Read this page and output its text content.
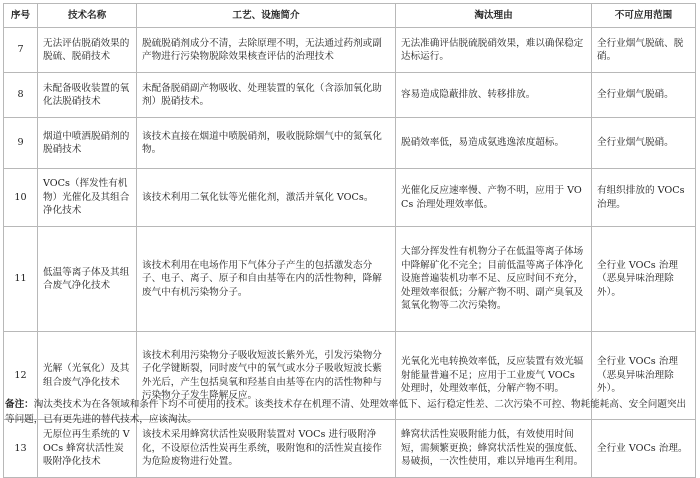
序号	技术名称	工艺、设施简介	淘汰理由	不可应用范围
7	无法评估脱硝效果的脱硫、脱硝技术	脱硫脱硝剂成分不清，去除原理不明，无法通过药剂或副产物进行污染物脱除效果核查评估的治理技术	无法准确评估脱硫脱硝效果，难以确保稳定达标运行。	全行业烟气脱硫、脱硝。
8	未配备吸收装置的氧化法脱硝技术	未配备脱硝副产物吸收、处理装置的氧化（含添加氧化助剂）脱硝技术。	容易造成隐蔽排放、转移排放。	全行业烟气脱硝。
9	烟道中喷洒脱硝剂的脱硝技术	该技术直接在烟道中喷脱硝剂，吸收脱除烟气中的氮氧化物。	脱硝效率低，易造成氨逃逸浓度超标。	全行业烟气脱硝。
10	VOCs（挥发性有机物）光催化及其组合净化技术	该技术利用二氧化钛等光催化剂，激活并氧化 VOCs。	光催化反应速率慢、产物不明，应用于 VOCs 治理处理效率低。	有组织排放的 VOCs 治理。
11	低温等离子体及其组合废气净化技术	该技术利用在电场作用下气体分子产生的包括激发态分子、电子、离子、原子和自由基等在内的活性物种，降解废气中有机污染物分子。	大部分挥发性有机物分子在低温等离子体场中降解矿化不完全；目前低温等离子体净化设施普遍装机功率不足、反应时间不充分，处理效率很低；分解产物不明、副产臭氧及氮氧化物等二次污染物。	全行业 VOCs 治理（恶臭异味治理除外）。
12	光解（光氧化）及其组合废气净化技术	该技术利用污染物分子吸收短波长紫外光，引发污染物分子化学键断裂，同时废气中的氧气或水分子吸收短波长紫外光后，产生包括臭氧和羟基自由基等在内的活性物种与污染物分子发生降解反应。	光氧化光电转换效率低，反应装置有效光辐射能量普遍不足；应用于工业废气 VOCs 处理时，处理效率低，分解产物不明。	全行业 VOCs 治理（恶臭异味治理除外）。
13	无原位再生系统的 VOCs 蜂窝状活性炭吸附净化技术	该技术采用蜂窝状活性炭吸附装置对 VOCs 进行吸附净化，不设原位活性炭再生系统，吸附饱和的活性炭直接作为危险废物进行处置。	蜂窝状活性炭吸附能力低，有效使用时间短，需频繁更换；蜂窝状活性炭的强度低、易破损，一次性使用，难以异地再生利用。	全行业 VOCs 治理。
备注：淘汰类技术为在各领域和条件下均不可使用的技术。该类技术存在机理不清、处理效率低下、运行稳定性差、二次污染不可控、物耗能耗高、安全问题突出等问题，已有更先进的替代技术，应该淘汰。
